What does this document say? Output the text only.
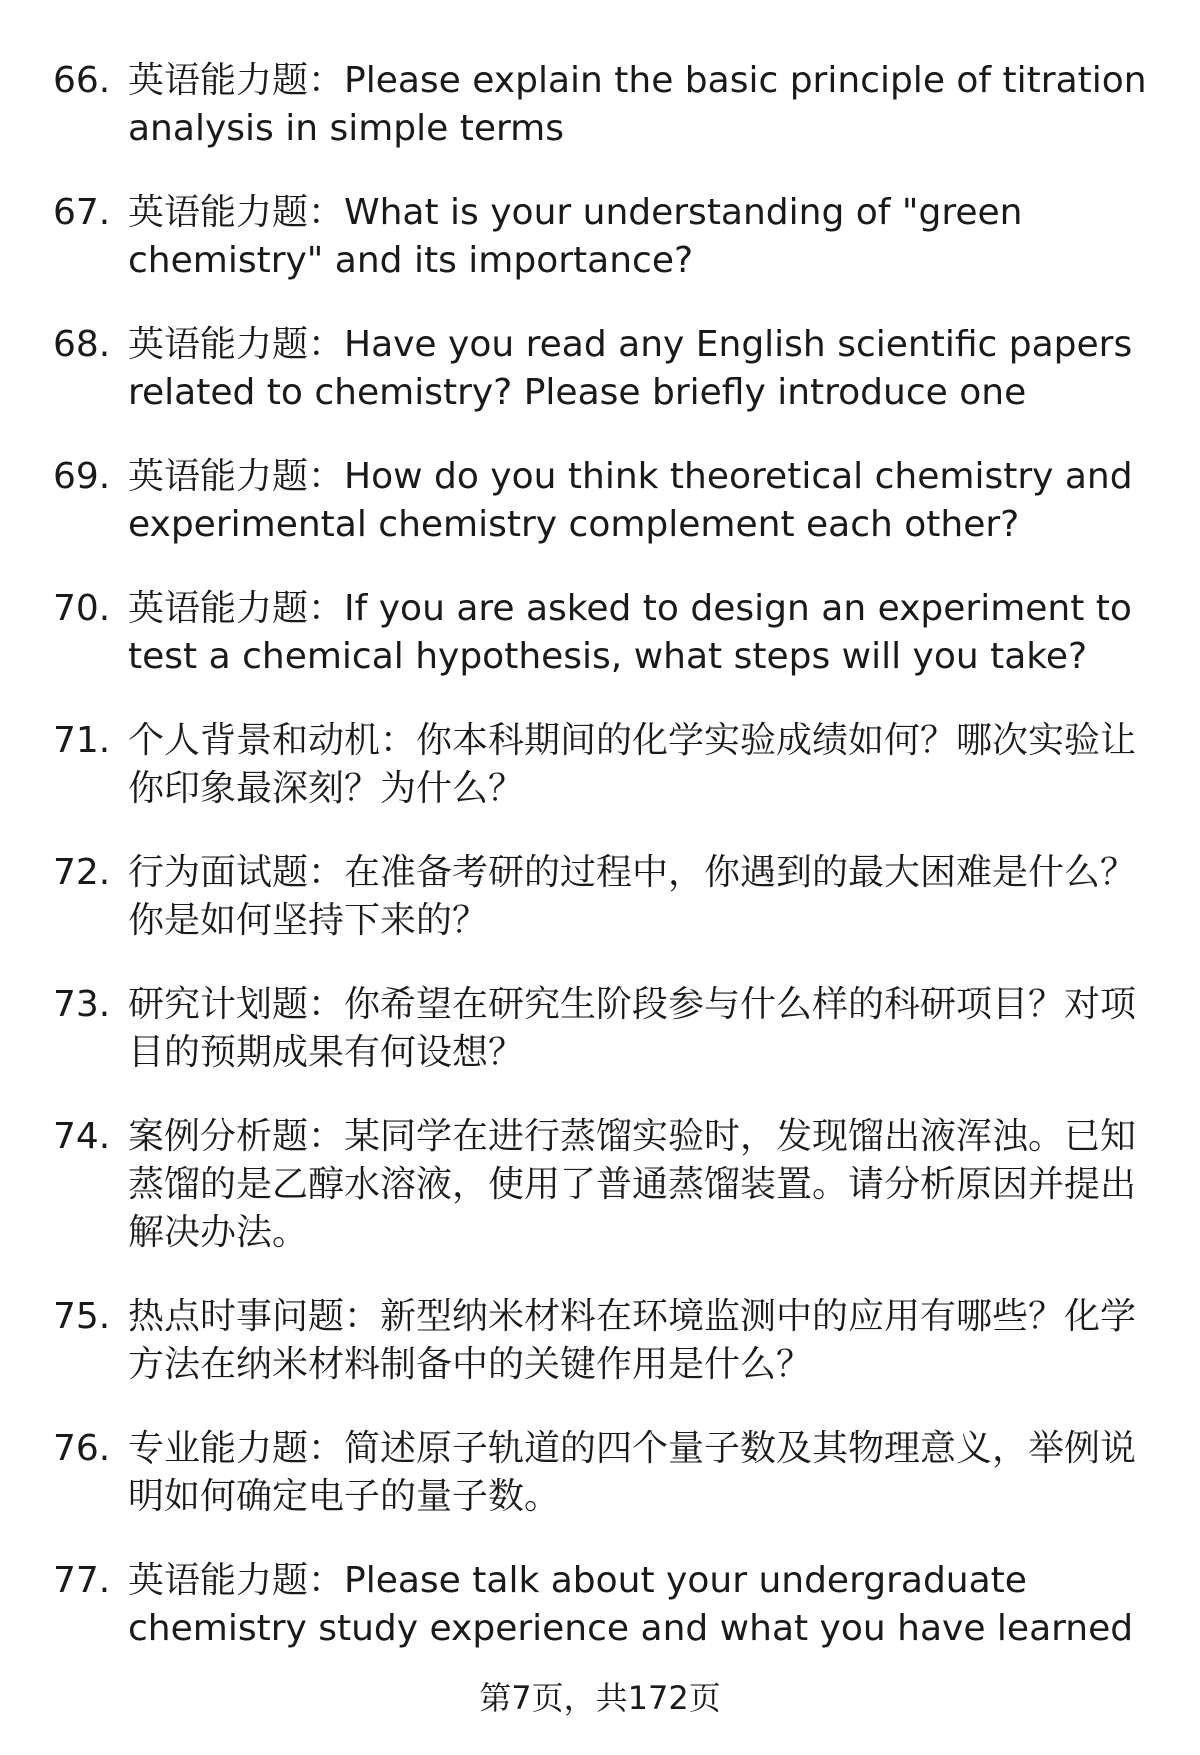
66. 英语能力题：Please explain the basic principle of titration analysis in simple terms
67. 英语能力题：What is your understanding of "green chemistry" and its importance?
68. 英语能力题：Have you read any English scientific papers related to chemistry? Please briefly introduce one
69. 英语能力题：How do you think theoretical chemistry and experimental chemistry complement each other?
70. 英语能力题：If you are asked to design an experiment to test a chemical hypothesis, what steps will you take?
71. 个人背景和动机：你本科期间的化学实验成绩如何？哪次实验让你印象最深刻？为什么？
72. 行为面试题：在准备考研的过程中，你遇到的最大困难是什么？你是如何坚持下来的？
73. 研究计划题：你希望在研究生阶段参与什么样的科研项目？对项目的预期成果有何设想？
74. 案例分析题：某同学在进行蒸馏实验时，发现馏出液浑浊。已知蒸馏的是乙醇水溶液，使用了普通蒸馏装置。请分析原因并提出解决办法。
75. 热点时事问题：新型纳米材料在环境监测中的应用有哪些？化学方法在纳米材料制备中的关键作用是什么？
76. 专业能力题：简述原子轨道的四个量子数及其物理意义，举例说明如何确定电子的量子数。
77. 英语能力题：Please talk about your undergraduate chemistry study experience and what you have learned
第7页，共172页
